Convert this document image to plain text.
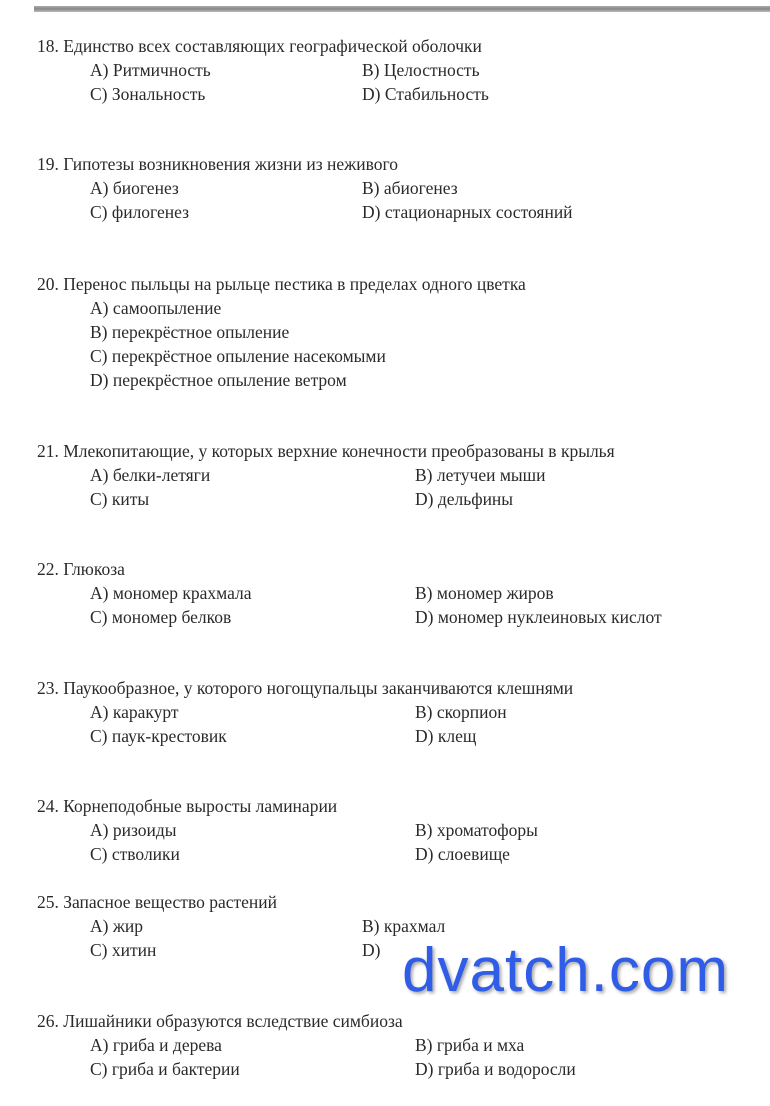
18. Единство всех составляющих географической оболочки
A) Ритмичность	B) Целостность
C) Зональность	D) Стабильность
19. Гипотезы возникновения жизни из неживого
A) биогенез	B) абиогенез
C) филогенез	D) стационарных состояний
20. Перенос пыльцы на рыльце пестика в пределах одного цветка
A) самоопыление
B) перекрёстное опыление
C) перекрёстное опыление насекомыми
D) перекрёстное опыление ветром
21. Млекопитающие, у которых верхние конечности преобразованы в крылья
A) белки-летяги	B) летучеи мыши
C) киты	D) дельфины
22. Глюкоза
A) мономер крахмала	B) мономер жиров
C) мономер белков	D) мономер нуклеиновых кислот
23. Паукообразное, у которого ногощупальцы заканчиваются клешнями
A) каракурт	B) скорпион
C) паук-крестовик	D) клещ
24. Корнеподобные выросты ламинарии
A) ризоиды	B) хроматофоры
C) стволики	D) слоевище
25. Запасное вещество растений
A) жир	B) крахмал
C) хитин	D)
26. Лишайники образуются вследствие симбиоза
A) гриба и дерева	B) гриба и мха
C) гриба и бактерии	D) гриба и водоросли
dvatch.com
